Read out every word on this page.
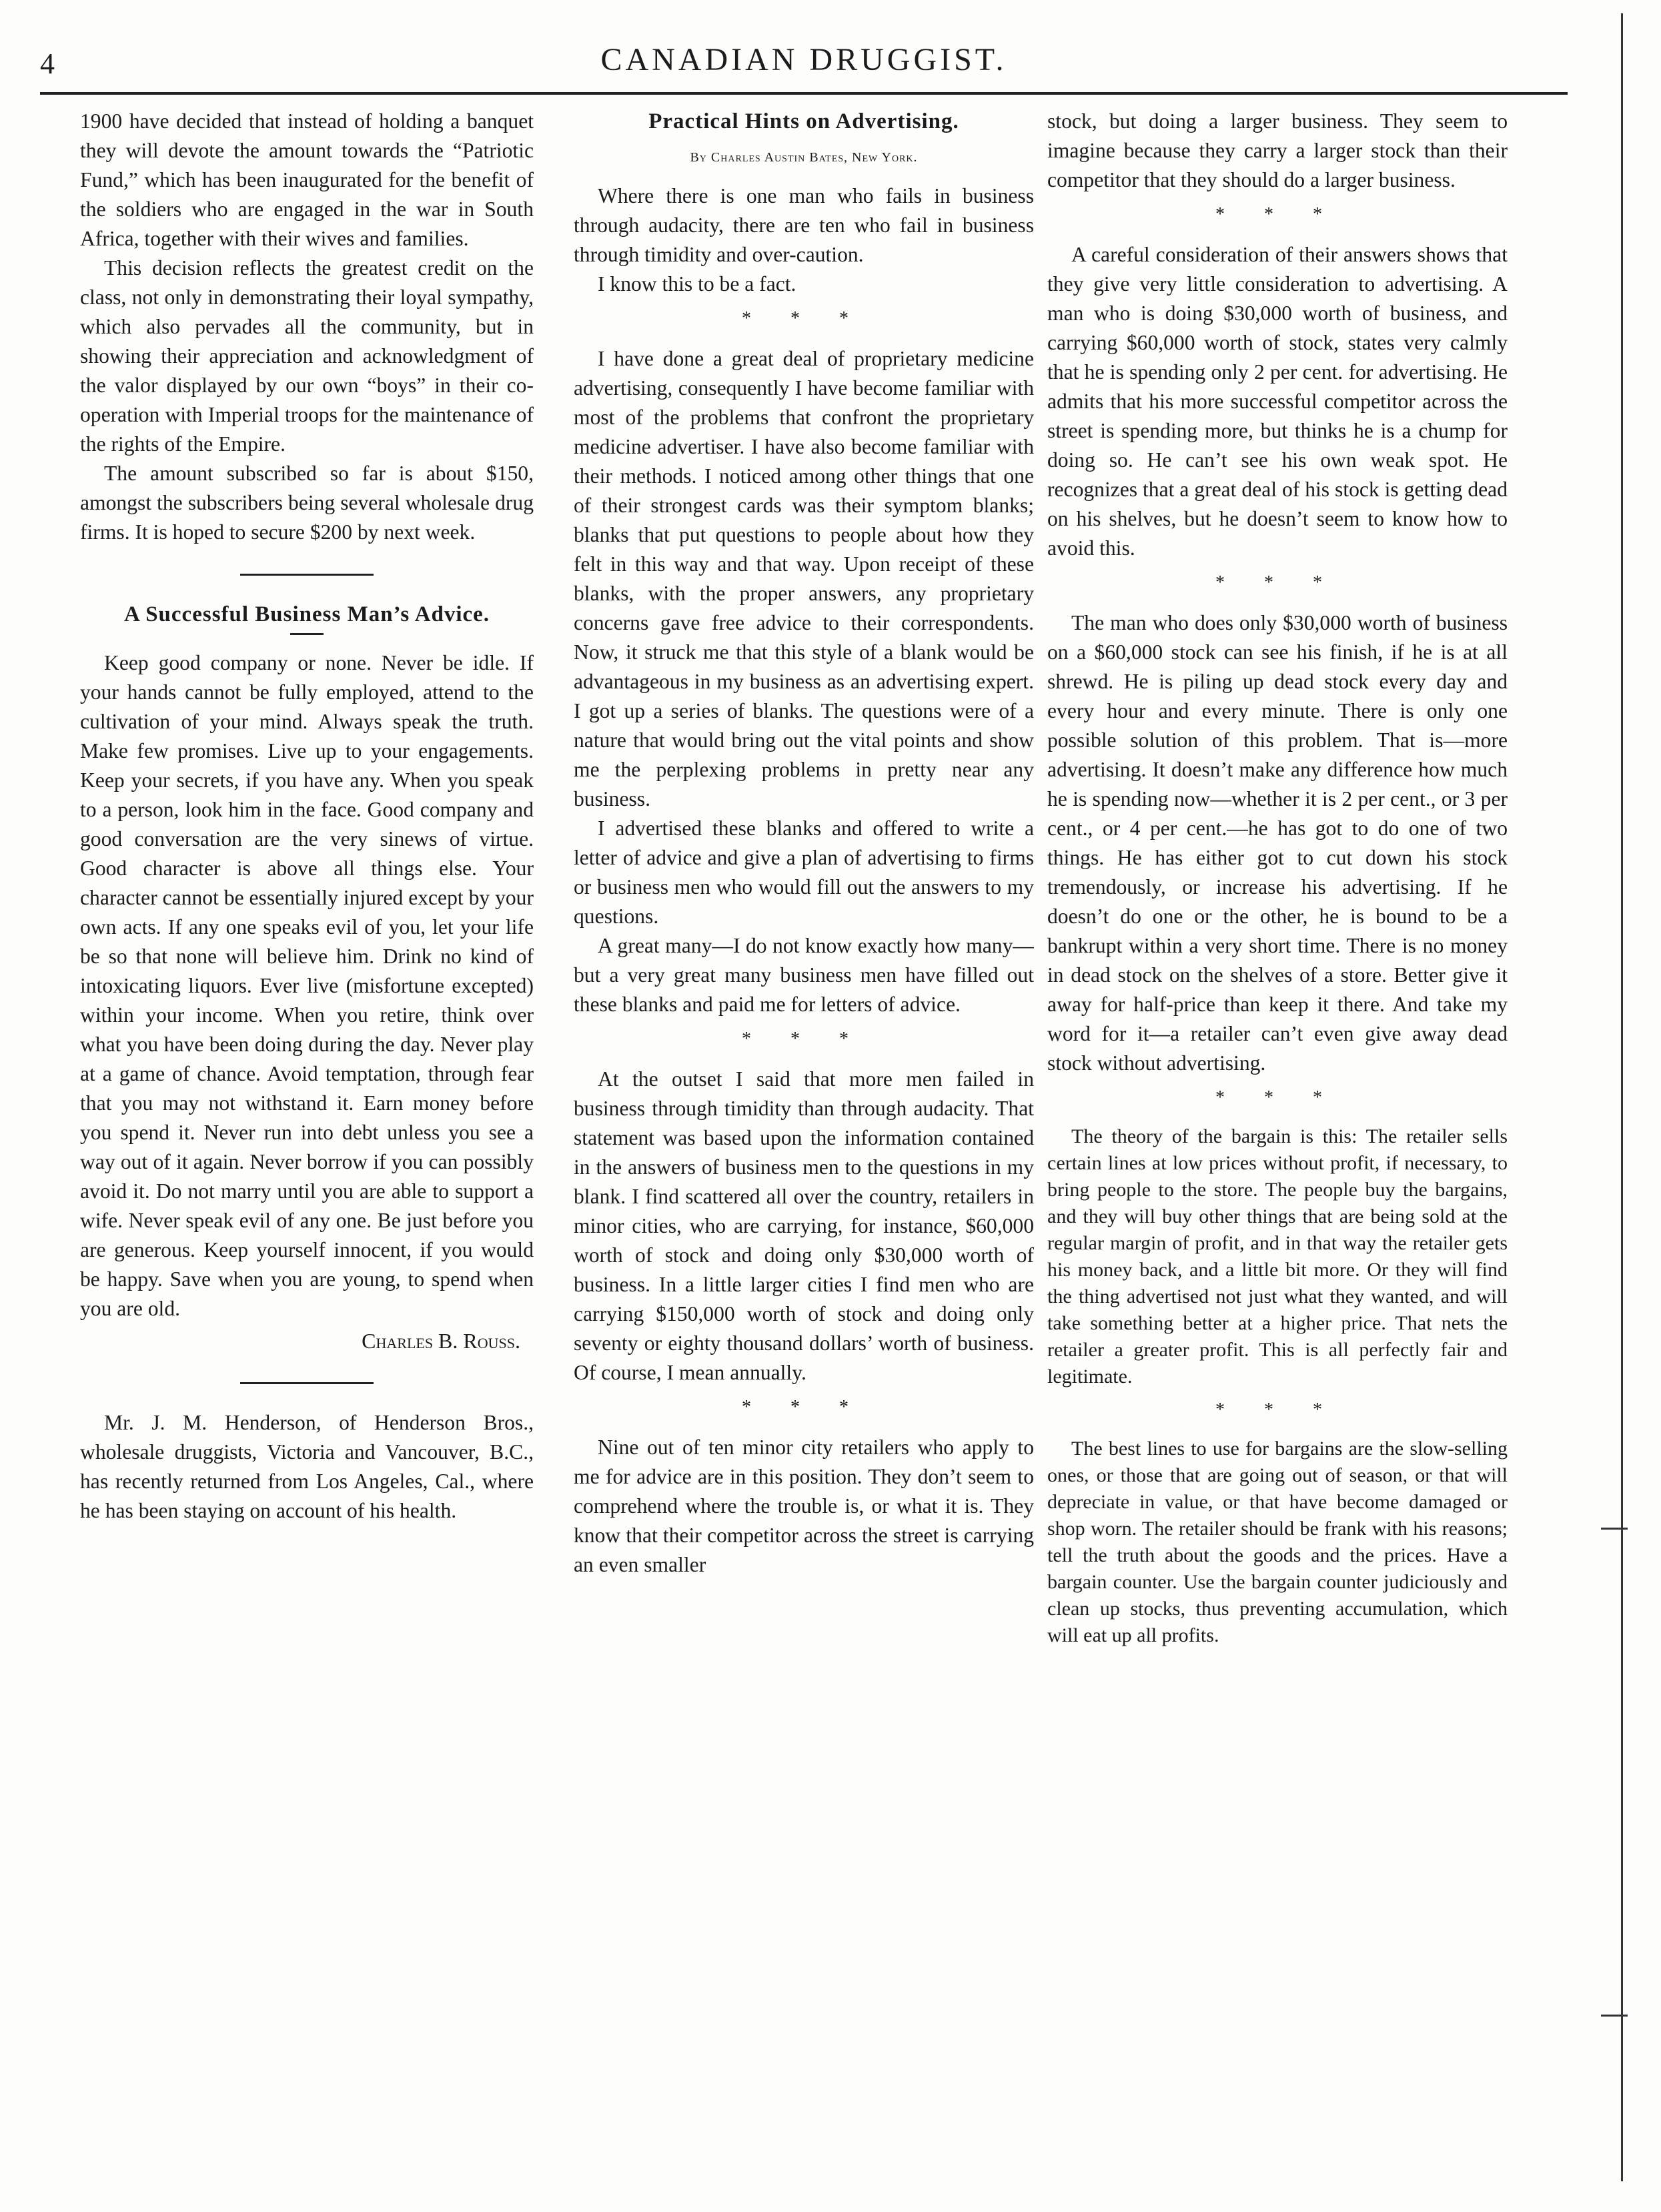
4	CANADIAN DRUGGIST.

1900 have decided that instead of holding a banquet they will devote the amount towards the “Patriotic Fund,” which has been inaugurated for the benefit of the soldiers who are engaged in the war in South Africa, together with their wives and families.

This decision reflects the greatest credit on the class, not only in demonstrating their loyal sympathy, which also pervades all the community, but in showing their appreciation and acknowledgment of the valor displayed by our own “boys” in their co-operation with Imperial troops for the maintenance of the rights of the Empire.

The amount subscribed so far is about $150, amongst the subscribers being several wholesale drug firms. It is hoped to secure $200 by next week.

A Successful Business Man’s Advice.

Keep good company or none. Never be idle. If your hands cannot be fully employed, attend to the cultivation of your mind. Always speak the truth. Make few promises. Live up to your engagements. Keep your secrets, if you have any. When you speak to a person, look him in the face. Good company and good conversation are the very sinews of virtue. Good character is above all things else. Your character cannot be essentially injured except by your own acts. If any one speaks evil of you, let your life be so that none will believe him. Drink no kind of intoxicating liquors. Ever live (misfortune excepted) within your income. When you retire, think over what you have been doing during the day. Never play at a game of chance. Avoid temptation, through fear that you may not withstand it. Earn money before you spend it. Never run into debt unless you see a way out of it again. Never borrow if you can possibly avoid it. Do not marry until you are able to support a wife. Never speak evil of any one. Be just before you are generous. Keep yourself innocent, if you would be happy. Save when you are young, to spend when you are old.

Charles B. Rouss.

Mr. J. M. Henderson, of Henderson Bros., wholesale druggists, Victoria and Vancouver, B.C., has recently returned from Los Angeles, Cal., where he has been staying on account of his health.

Practical Hints on Advertising.
By Charles Austin Bates, New York.

Where there is one man who fails in business through audacity, there are ten who fail in business through timidity and over-caution.

I know this to be a fact.

* * *

I have done a great deal of proprietary medicine advertising, consequently I have become familiar with most of the problems that confront the proprietary medicine advertiser. I have also become familiar with their methods. I noticed among other things that one of their strongest cards was their symptom blanks; blanks that put questions to people about how they felt in this way and that way. Upon receipt of these blanks, with the proper answers, any proprietary concerns gave free advice to their correspondents. Now, it struck me that this style of a blank would be advantageous in my business as an advertising expert. I got up a series of blanks. The questions were of a nature that would bring out the vital points and show me the perplexing problems in pretty near any business.

I advertised these blanks and offered to write a letter of advice and give a plan of advertising to firms or business men who would fill out the answers to my questions.

A great many—I do not know exactly how many—but a very great many business men have filled out these blanks and paid me for letters of advice.

* * *

At the outset I said that more men failed in business through timidity than through audacity. That statement was based upon the information contained in the answers of business men to the questions in my blank. I find scattered all over the country, retailers in minor cities, who are carrying, for instance, $60,000 worth of stock and doing only $30,000 worth of business. In a little larger cities I find men who are carrying $150,000 worth of stock and doing only seventy or eighty thousand dollars’ worth of business. Of course, I mean annually.

* * *

Nine out of ten minor city retailers who apply to me for advice are in this position. They don’t seem to comprehend where the trouble is, or what it is. They know that their competitor across the street is carrying an even smaller

stock, but doing a larger business. They seem to imagine because they carry a larger stock than their competitor that they should do a larger business.

* * *

A careful consideration of their answers shows that they give very little consideration to advertising. A man who is doing $30,000 worth of business, and carrying $60,000 worth of stock, states very calmly that he is spending only 2 per cent. for advertising. He admits that his more successful competitor across the street is spending more, but thinks he is a chump for doing so. He can’t see his own weak spot. He recognizes that a great deal of his stock is getting dead on his shelves, but he doesn’t seem to know how to avoid this.

* * *

The man who does only $30,000 worth of business on a $60,000 stock can see his finish, if he is at all shrewd. He is piling up dead stock every day and every hour and every minute. There is only one possible solution of this problem. That is—more advertising. It doesn’t make any difference how much he is spending now—whether it is 2 per cent., or 3 per cent., or 4 per cent.—he has got to do one of two things. He has either got to cut down his stock tremendously, or increase his advertising. If he doesn’t do one or the other, he is bound to be a bankrupt within a very short time. There is no money in dead stock on the shelves of a store. Better give it away for half-price than keep it there. And take my word for it—a retailer can’t even give away dead stock without advertising.

* * *

The theory of the bargain is this: The retailer sells certain lines at low prices without profit, if necessary, to bring people to the store. The people buy the bargains, and they will buy other things that are being sold at the regular margin of profit, and in that way the retailer gets his money back, and a little bit more. Or they will find the thing advertised not just what they wanted, and will take something better at a higher price. That nets the retailer a greater profit. This is all perfectly fair and legitimate.

* * *

The best lines to use for bargains are the slow-selling ones, or those that are going out of season, or that will depreciate in value, or that have become damaged or shop worn. The retailer should be frank with his reasons; tell the truth about the goods and the prices. Have a bargain counter. Use the bargain counter judiciously and clean up stocks, thus preventing accumulation, which will eat up all profits.
